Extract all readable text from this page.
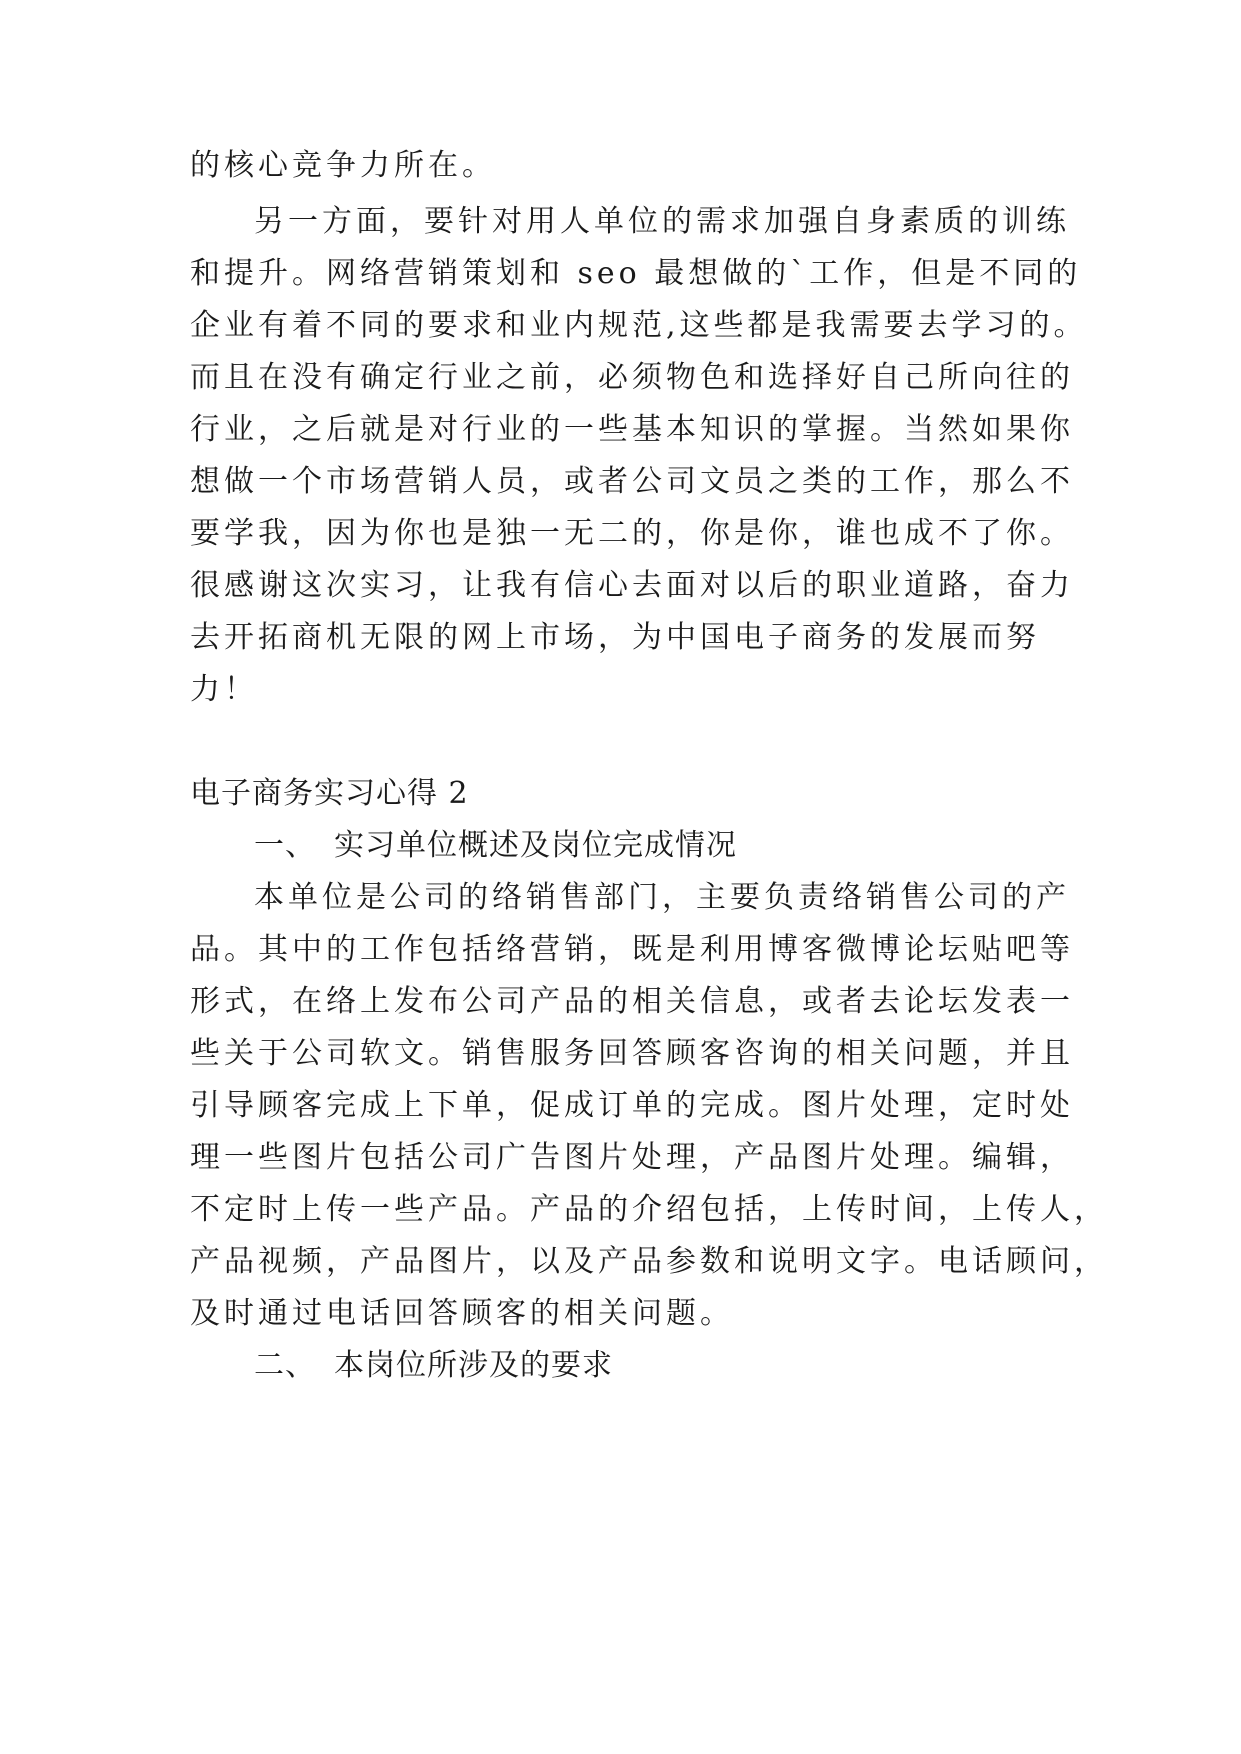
的核心竞争力所在。
另一方面，要针对用人单位的需求加强自身素质的训练
和提升。网络营销策划和 seo 最想做的`工作，但是不同的
企业有着不同的要求和业内规范,这些都是我需要去学习的。
而且在没有确定行业之前，必须物色和选择好自己所向往的
行业，之后就是对行业的一些基本知识的掌握。当然如果你
想做一个市场营销人员，或者公司文员之类的工作，那么不
要学我，因为你也是独一无二的，你是你，谁也成不了你。
很感谢这次实习，让我有信心去面对以后的职业道路，奋力
去开拓商机无限的网上市场，为中国电子商务的发展而努
力！
电子商务实习心得 2
一、 实习单位概述及岗位完成情况
本单位是公司的络销售部门，主要负责络销售公司的产
品。其中的工作包括络营销，既是利用博客微博论坛贴吧等
形式，在络上发布公司产品的相关信息，或者去论坛发表一
些关于公司软文。销售服务回答顾客咨询的相关问题，并且
引导顾客完成上下单，促成订单的完成。图片处理，定时处
理一些图片包括公司广告图片处理，产品图片处理。编辑，
不定时上传一些产品。产品的介绍包括，上传时间，上传人，
产品视频，产品图片，以及产品参数和说明文字。电话顾问，
及时通过电话回答顾客的相关问题。
二、 本岗位所涉及的要求
